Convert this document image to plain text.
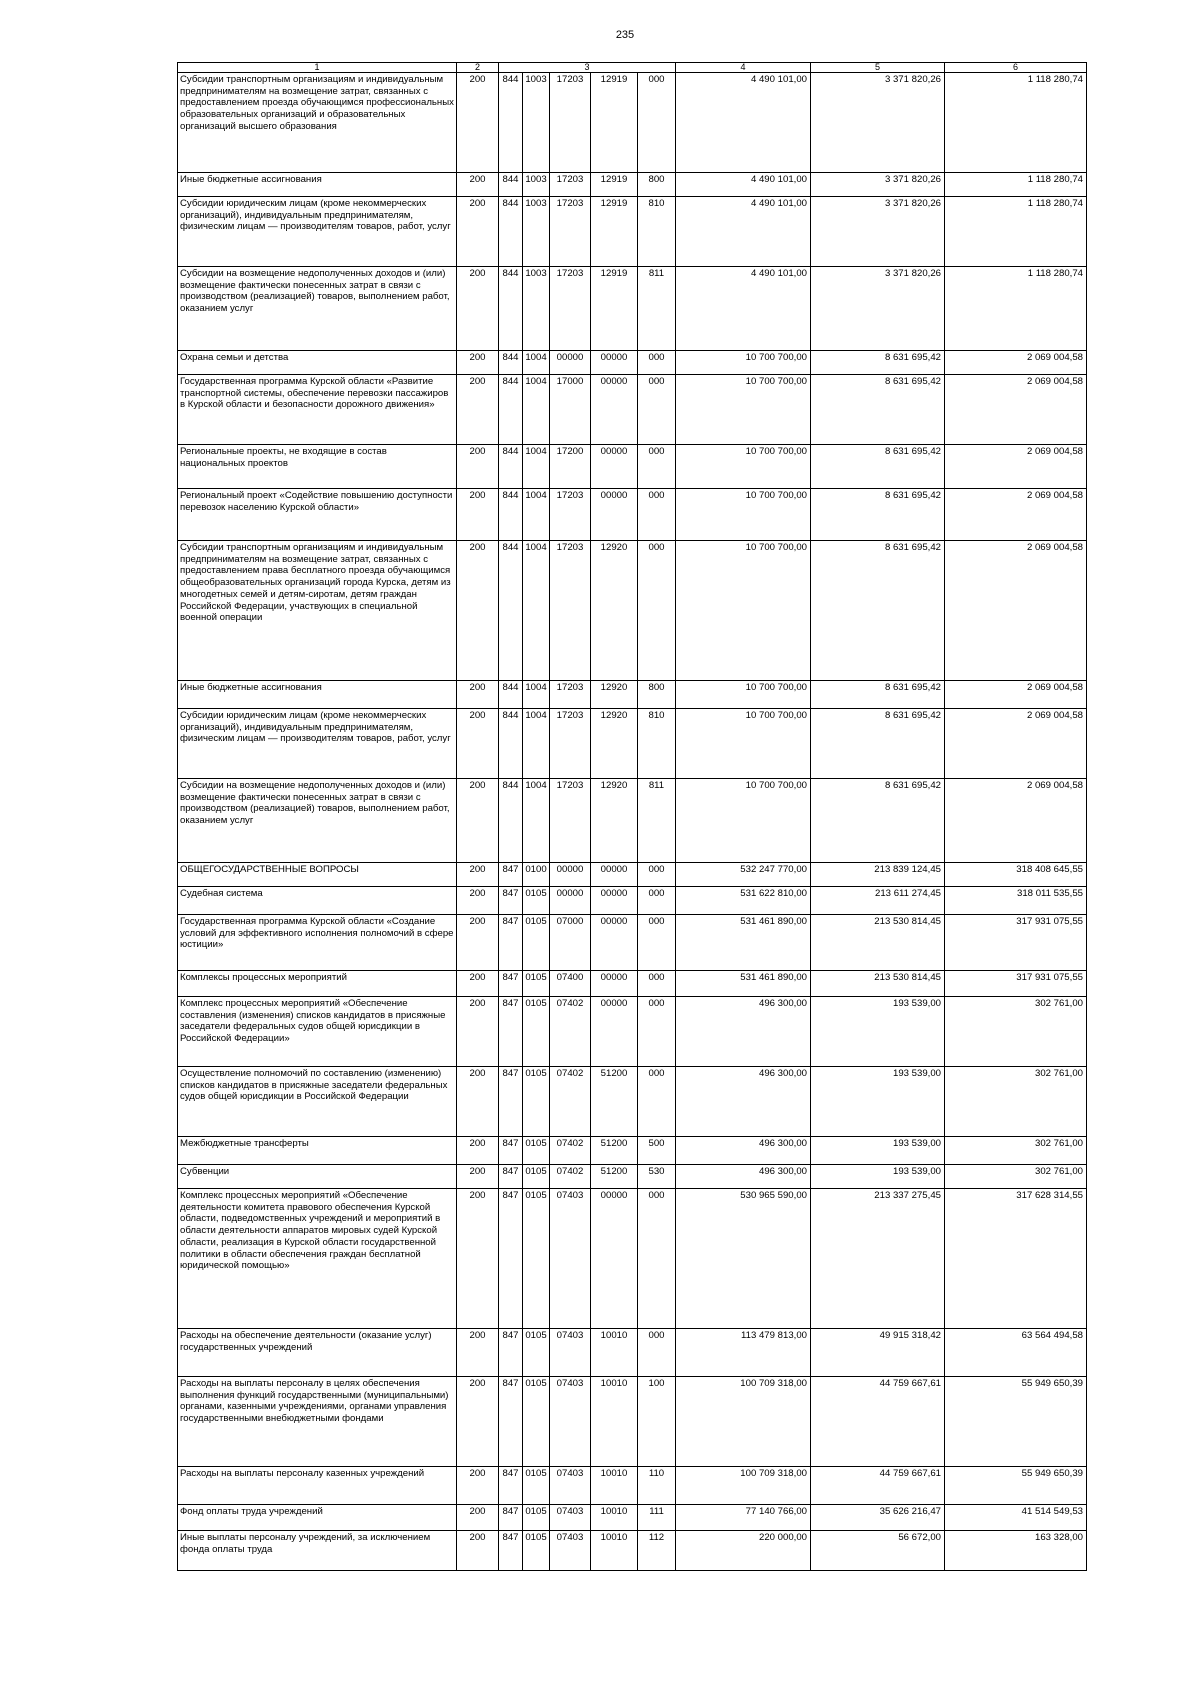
235
1	2	3					4	5	6
Субсидии транспортным организациям и индивидуальным предпринимателям на возмещение затрат, связанных с предоставлением проезда обучающимся профессиональных образовательных организаций и образовательных организаций высшего образования	200	844	1003	17203	12919	000	4 490 101,00	3 371 820,26	1 118 280,74
Иные бюджетные ассигнования	200	844	1003	17203	12919	800	4 490 101,00	3 371 820,26	1 118 280,74
Субсидии юридическим лицам (кроме некоммерческих организаций), индивидуальным предпринимателям, физическим лицам — производителям товаров, работ, услуг	200	844	1003	17203	12919	810	4 490 101,00	3 371 820,26	1 118 280,74
Субсидии на возмещение недополученных доходов и (или) возмещение фактически понесенных затрат в связи с производством (реализацией) товаров, выполнением работ, оказанием услуг	200	844	1003	17203	12919	811	4 490 101,00	3 371 820,26	1 118 280,74
Охрана семьи и детства	200	844	1004	00000	00000	000	10 700 700,00	8 631 695,42	2 069 004,58
Государственная программа Курской области «Развитие транспортной системы, обеспечение перевозки пассажиров в Курской области и безопасности дорожного движения»	200	844	1004	17000	00000	000	10 700 700,00	8 631 695,42	2 069 004,58
Региональные проекты, не входящие в состав национальных проектов	200	844	1004	17200	00000	000	10 700 700,00	8 631 695,42	2 069 004,58
Региональный проект «Содействие повышению доступности перевозок населению Курской области»	200	844	1004	17203	00000	000	10 700 700,00	8 631 695,42	2 069 004,58
Субсидии транспортным организациям и индивидуальным предпринимателям на возмещение затрат, связанных с предоставлением права бесплатного проезда обучающимся общеобразовательных организаций города Курска, детям из многодетных семей и детям-сиротам, детям граждан Российской Федерации, участвующих в специальной военной операции	200	844	1004	17203	12920	000	10 700 700,00	8 631 695,42	2 069 004,58
Иные бюджетные ассигнования	200	844	1004	17203	12920	800	10 700 700,00	8 631 695,42	2 069 004,58
Субсидии юридическим лицам (кроме некоммерческих организаций), индивидуальным предпринимателям, физическим лицам — производителям товаров, работ, услуг	200	844	1004	17203	12920	810	10 700 700,00	8 631 695,42	2 069 004,58
Субсидии на возмещение недополученных доходов и (или) возмещение фактически понесенных затрат в связи с производством (реализацией) товаров, выполнением работ, оказанием услуг	200	844	1004	17203	12920	811	10 700 700,00	8 631 695,42	2 069 004,58
ОБЩЕГОСУДАРСТВЕННЫЕ ВОПРОСЫ	200	847	0100	00000	00000	000	532 247 770,00	213 839 124,45	318 408 645,55
Судебная система	200	847	0105	00000	00000	000	531 622 810,00	213 611 274,45	318 011 535,55
Государственная программа Курской области «Создание условий для эффективного исполнения полномочий в сфере юстиции»	200	847	0105	07000	00000	000	531 461 890,00	213 530 814,45	317 931 075,55
Комплексы процессных мероприятий	200	847	0105	07400	00000	000	531 461 890,00	213 530 814,45	317 931 075,55
Комплекс процессных мероприятий «Обеспечение составления (изменения) списков кандидатов в присяжные заседатели федеральных судов общей юрисдикции в Российской Федерации»	200	847	0105	07402	00000	000	496 300,00	193 539,00	302 761,00
Осуществление полномочий по составлению (изменению) списков кандидатов в присяжные заседатели федеральных судов общей юрисдикции в Российской Федерации	200	847	0105	07402	51200	000	496 300,00	193 539,00	302 761,00
Межбюджетные трансферты	200	847	0105	07402	51200	500	496 300,00	193 539,00	302 761,00
Субвенции	200	847	0105	07402	51200	530	496 300,00	193 539,00	302 761,00
Комплекс процессных мероприятий «Обеспечение деятельности комитета правового обеспечения Курской области, подведомственных учреждений и мероприятий в области деятельности аппаратов мировых судей Курской области, реализация в Курской области государственной политики в области обеспечения граждан бесплатной юридической помощью»	200	847	0105	07403	00000	000	530 965 590,00	213 337 275,45	317 628 314,55
Расходы на обеспечение деятельности (оказание услуг) государственных учреждений	200	847	0105	07403	10010	000	113 479 813,00	49 915 318,42	63 564 494,58
Расходы на выплаты персоналу в целях обеспечения выполнения функций государственными (муниципальными) органами, казенными учреждениями, органами управления государственными внебюджетными фондами	200	847	0105	07403	10010	100	100 709 318,00	44 759 667,61	55 949 650,39
Расходы на выплаты персоналу казенных учреждений	200	847	0105	07403	10010	110	100 709 318,00	44 759 667,61	55 949 650,39
Фонд оплаты труда учреждений	200	847	0105	07403	10010	111	77 140 766,00	35 626 216,47	41 514 549,53
Иные выплаты персоналу учреждений, за исключением фонда оплаты труда	200	847	0105	07403	10010	112	220 000,00	56 672,00	163 328,00
